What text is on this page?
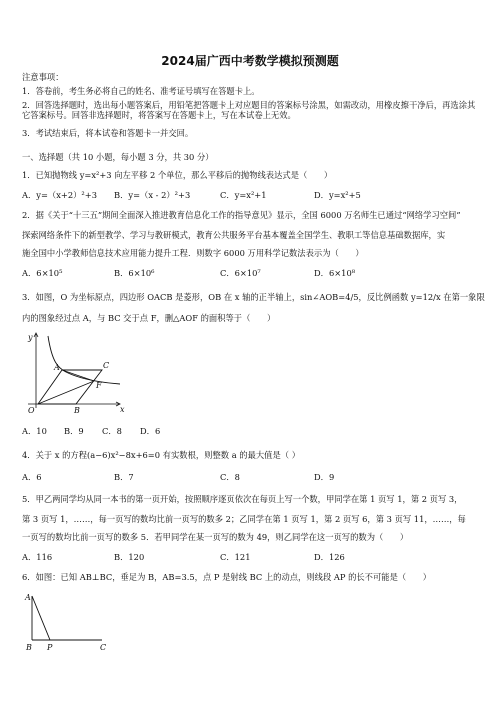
2024届广西中考数学模拟预测题
注意事项：
1．答卷前，考生务必将自己的姓名、准考证号填写在答题卡上。
2．回答选择题时，选出每小题答案后，用铅笔把答题卡上对应题目的答案标号涂黑，如需改动，用橡皮擦干净后，再选涂其它答案标号。回答非选择题时，将答案写在答题卡上，写在本试卷上无效。
3．考试结束后，将本试卷和答题卡一并交回。
一、选择题（共 10 小题，每小题 3 分，共 30 分）
1．已知抛物线 y=x²+3 向左平移 2 个单位，那么平移后的抛物线表达式是（　　）
A．y=（x+2）²+3 B．y=（x - 2）²+3	C．y=x²+1	D．y=x²+5
2．据《关于“十三五”期间全面深入推进教育信息化工作的指导意见》显示，全国 6000 万名师生已通过“网络学习空间”
探索网络条件下的新型教学、学习与教研模式，教育公共服务平台基本覆盖全国学生、教职工等信息基础数据库，实
施全国中小学教师信息技术应用能力提升工程．则数字 6000 万用科学记数法表示为（　　）
A．6×10⁵	B．6×10⁶	C．6×10⁷	D．6×10⁸
3．如图，O 为坐标原点，四边形 OACB 是菱形，OB 在 x 轴的正半轴上，sin∠AOB=4/5，反比例函数 y=12/x 在第一象限
内的图象经过点 A，与 BC 交于点 F，删△AOF 的面积等于（　　）
y
x
O
A	C
F
B
A．10 B．9 C．8 D．6
4．关于 x 的方程(a−6)x²−8x+6=0 有实数根，则整数 a 的最大值是（ ）
A．6	B．7	C．8	D．9
5．甲乙两同学均从同一本书的第一页开始，按照顺序逐页依次在每页上写一个数，甲同学在第 1 页写 1，第 2 页写 3，
第 3 页写 1，……，每一页写的数均比前一页写的数多 2；乙同学在第 1 页写 1，第 2 页写 6，第 3 页写 11，……，每
一页写的数均比前一页写的数多 5．若甲同学在某一页写的数为 49，则乙同学在这一页写的数为（　　）
A．116	B．120	C．121	D．126
6．如图：已知 AB⊥BC，垂足为 B，AB=3.5，点 P 是射线 BC 上的动点，则线段 AP 的长不可能是（　　）
A
B P	C
